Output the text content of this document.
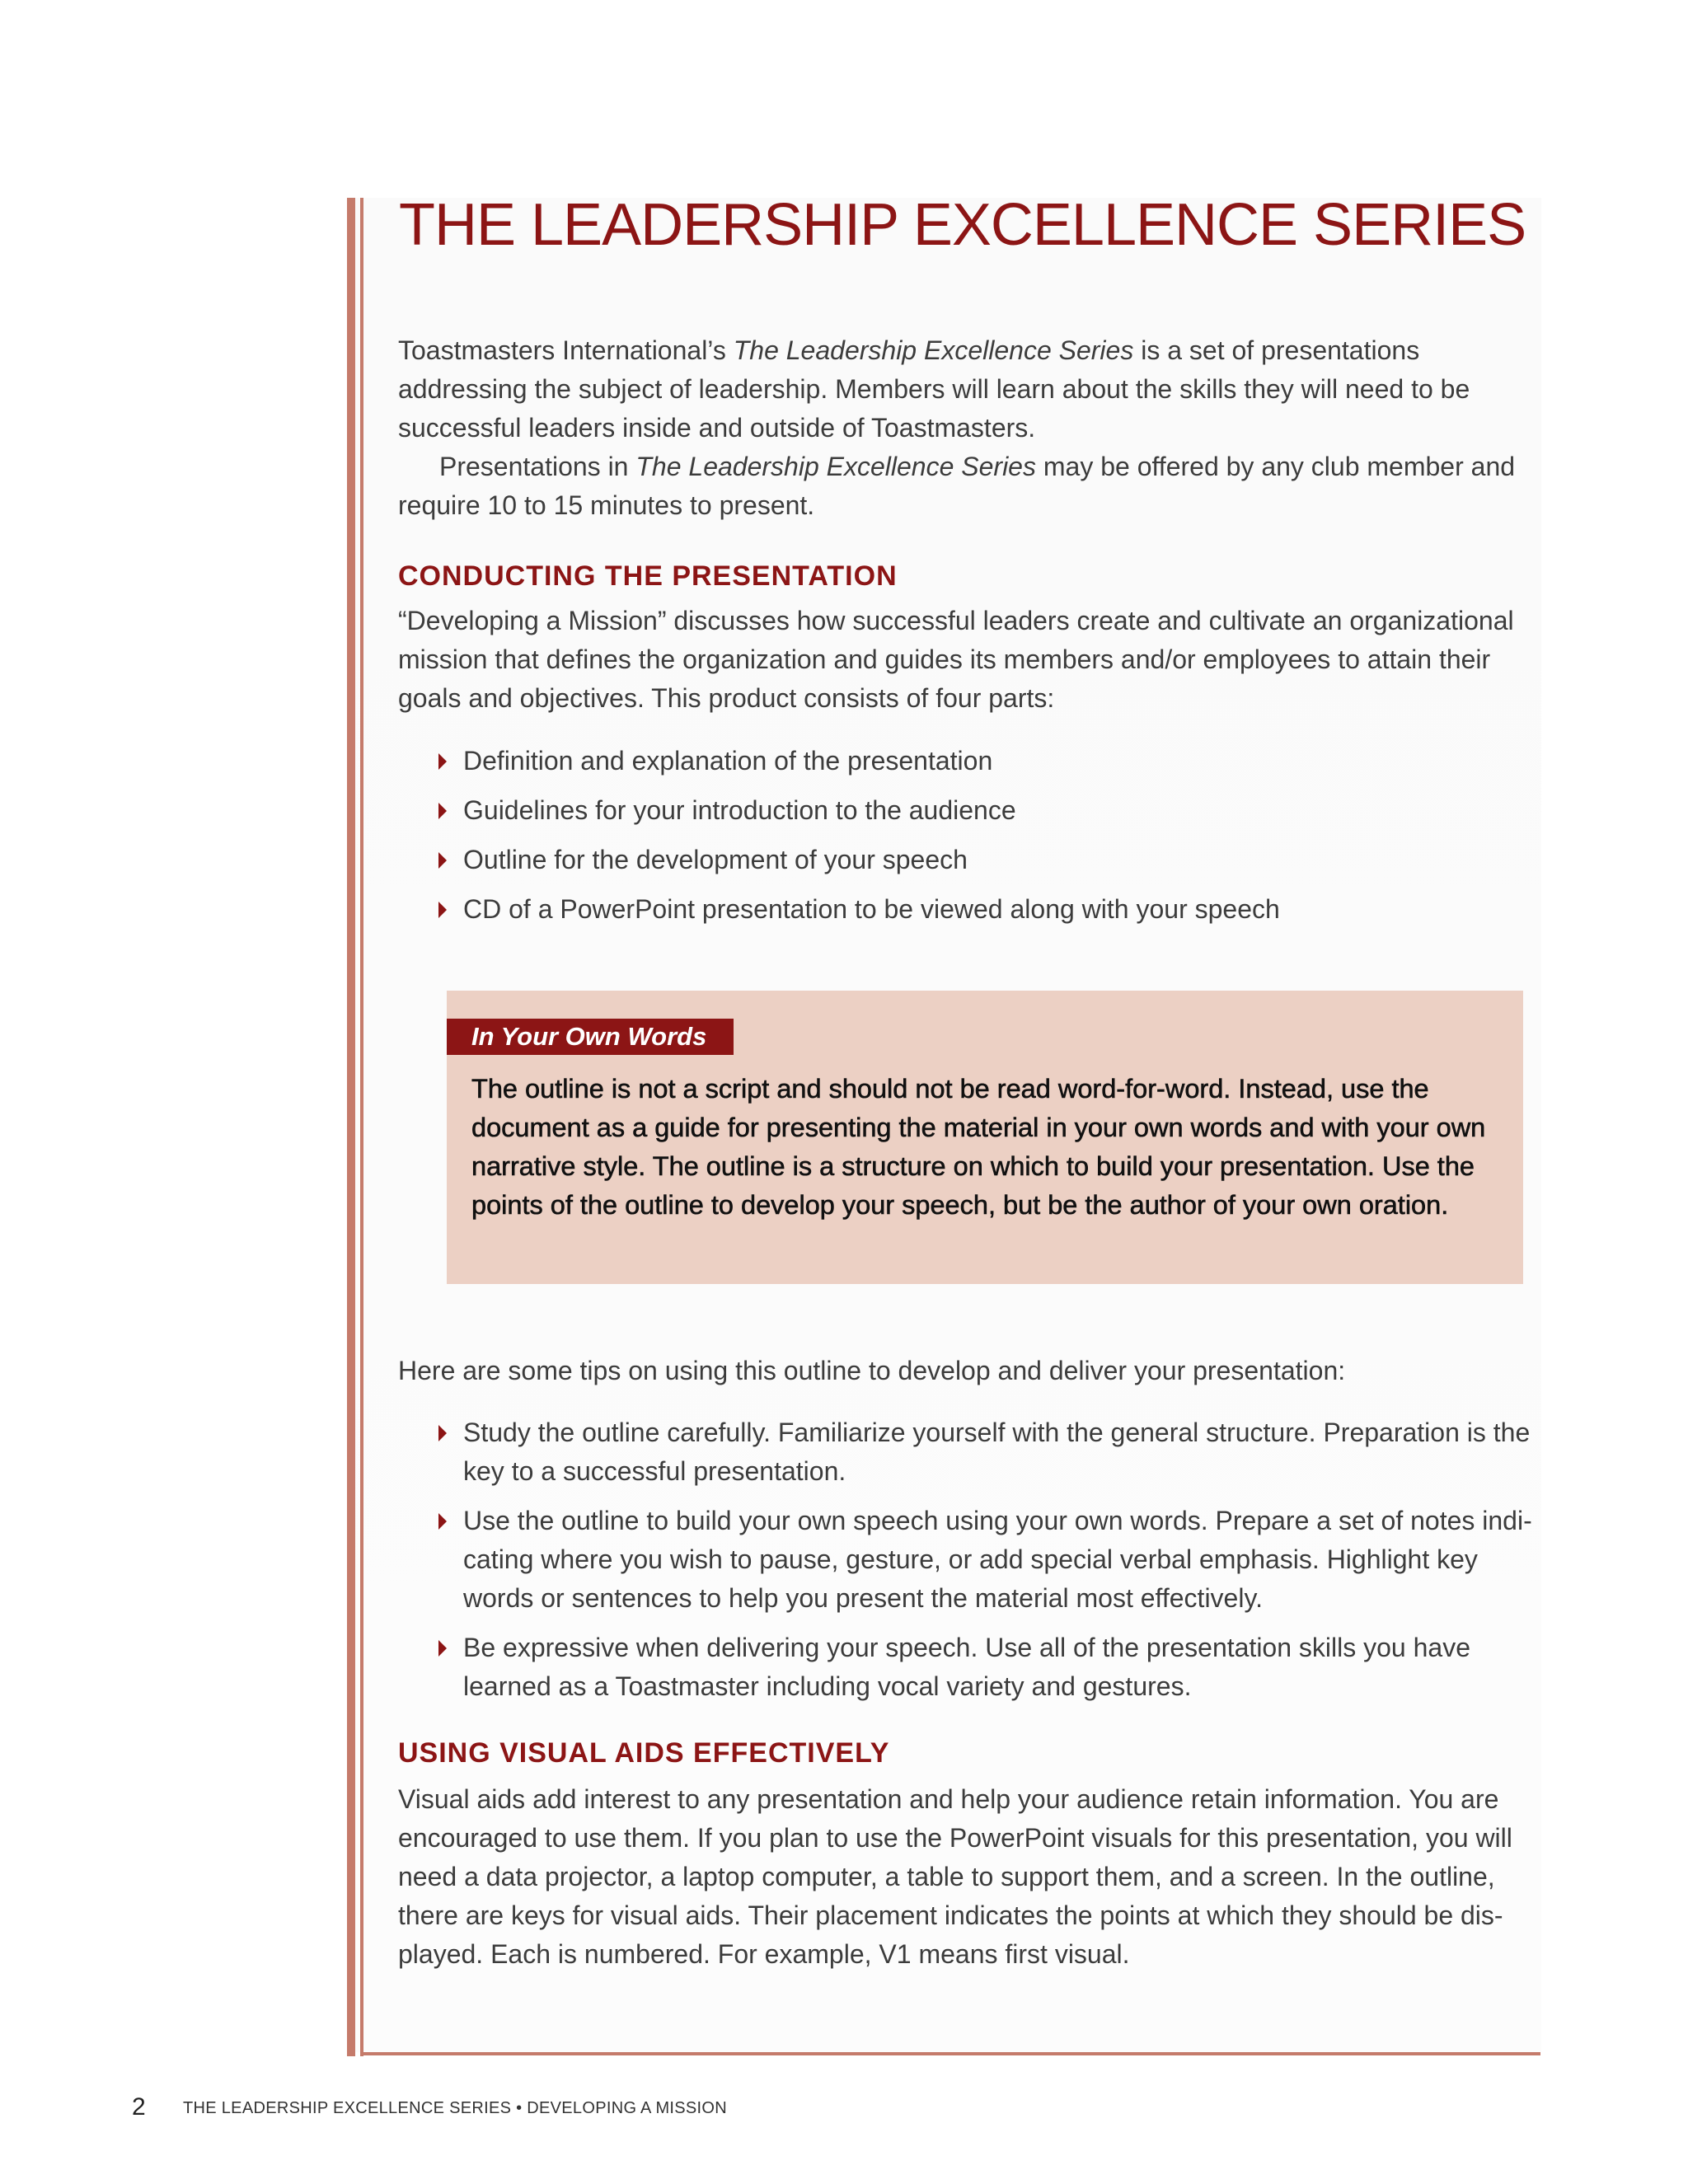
THE LEADERSHIP EXCELLENCE SERIES

Toastmasters International’s The Leadership Excellence Series is a set of presentations addressing the subject of leadership. Members will learn about the skills they will need to be successful leaders inside and outside of Toastmasters.

Presentations in The Leadership Excellence Series may be offered by any club member and require 10 to 15 minutes to present.

CONDUCTING THE PRESENTATION

“Developing a Mission” discusses how successful leaders create and cultivate an organizational mission that defines the organization and guides its members and/or employees to attain their goals and objectives. This product consists of four parts:

Definition and explanation of the presentation
Guidelines for your introduction to the audience
Outline for the development of your speech
CD of a PowerPoint presentation to be viewed along with your speech
In Your Own Words

The outline is not a script and should not be read word-for-word. Instead, use the document as a guide for presenting the material in your own words and with your own narrative style. The outline is a structure on which to build your presentation. Use the points of the outline to develop your speech, but be the author of your own oration.

Here are some tips on using this outline to develop and deliver your presentation:

Study the outline carefully. Familiarize yourself with the general structure. Preparation is the key to a successful presentation.
Use the outline to build your own speech using your own words. Prepare a set of notes indi-cating where you wish to pause, gesture, or add special verbal emphasis. Highlight key words or sentences to help you present the material most effectively.
Be expressive when delivering your speech. Use all of the presentation skills you have learned as a Toastmaster including vocal variety and gestures.
USING VISUAL AIDS EFFECTIVELY

Visual aids add interest to any presentation and help your audience retain information. You are encouraged to use them. If you plan to use the PowerPoint visuals for this presentation, you will need a data projector, a laptop computer, a table to support them, and a screen. In the outline, there are keys for visual aids. Their placement indicates the points at which they should be dis-played. Each is numbered. For example, V1 means first visual.

2 THE LEADERSHIP EXCELLENCE SERIES • DEVELOPING A MISSION
